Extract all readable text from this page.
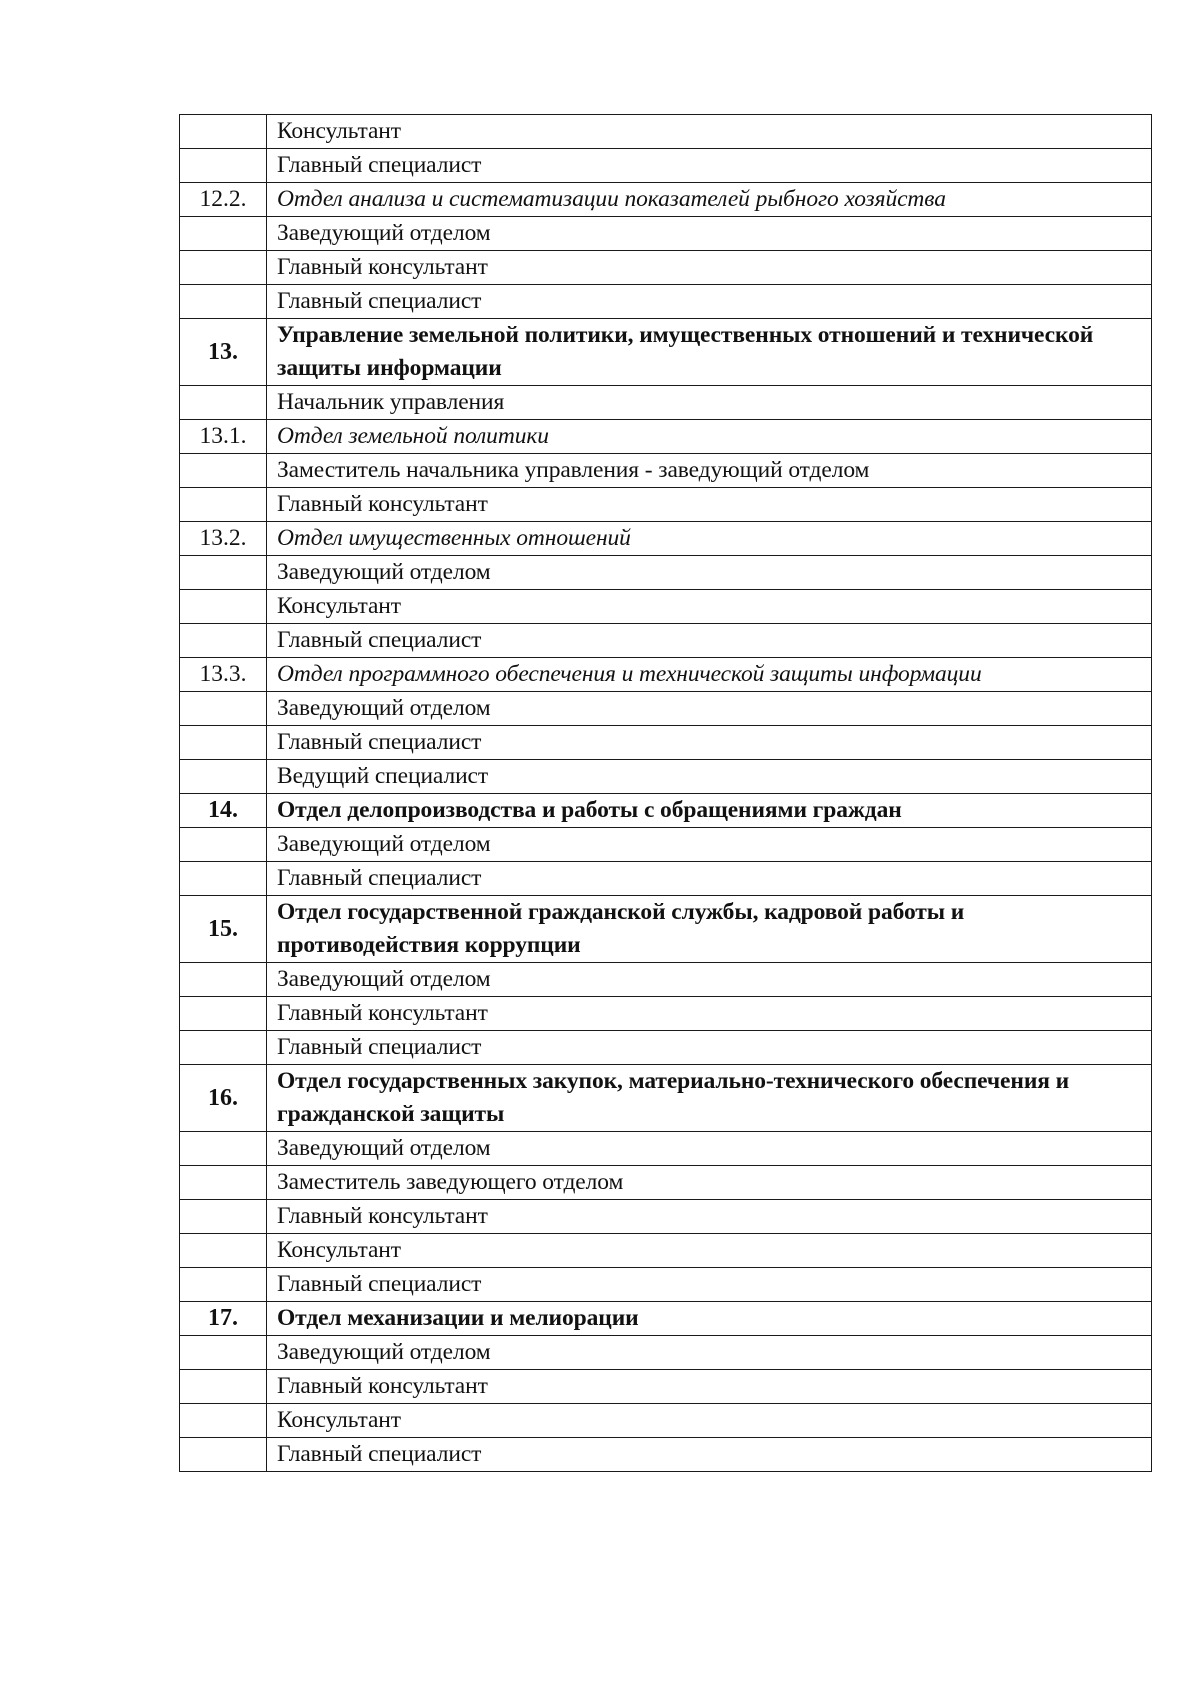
	Консультант
	Главный специалист
12.2.	Отдел анализа и систематизации показателей рыбного хозяйства
	Заведующий отделом
	Главный консультант
	Главный специалист
13.	Управление земельной политики, имущественных отношений и технической защиты информации
	Начальник управления
13.1.	Отдел земельной политики
	Заместитель начальника управления - заведующий отделом
	Главный консультант
13.2.	Отдел имущественных отношений
	Заведующий отделом
	Консультант
	Главный специалист
13.3.	Отдел программного обеспечения и технической защиты информации
	Заведующий отделом
	Главный специалист
	Ведущий специалист
14.	Отдел делопроизводства и работы с обращениями граждан
	Заведующий отделом
	Главный специалист
15.	Отдел государственной гражданской службы, кадровой работы и противодействия коррупции
	Заведующий отделом
	Главный консультант
	Главный специалист
16.	Отдел государственных закупок, материально-технического обеспечения и гражданской защиты
	Заведующий отделом
	Заместитель заведующего отделом
	Главный консультант
	Консультант
	Главный специалист
17.	Отдел механизации и мелиорации
	Заведующий отделом
	Главный консультант
	Консультант
	Главный специалист
